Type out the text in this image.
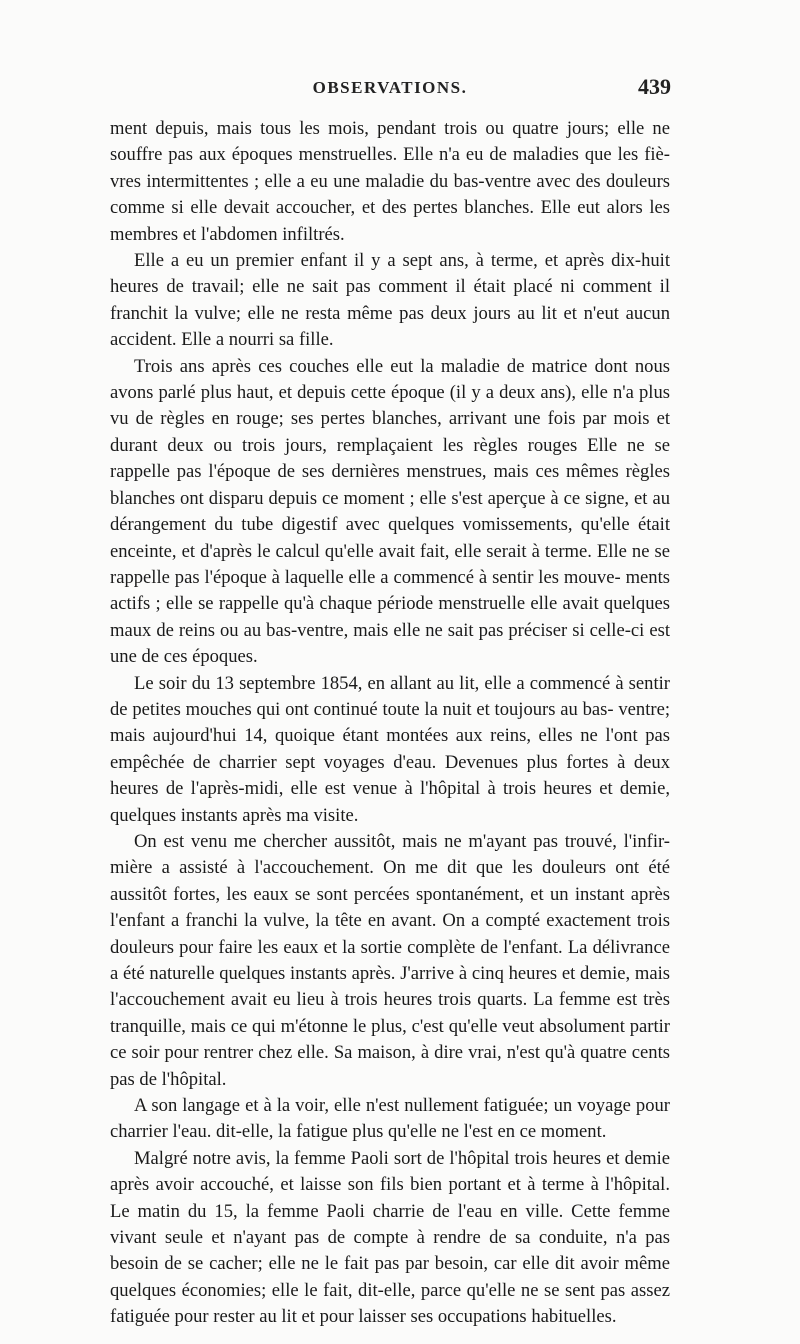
OBSERVATIONS.	439

ment depuis, mais tous les mois, pendant trois ou quatre jours; elle ne souffre pas aux époques menstruelles. Elle n'a eu de maladies que les fiè- vres intermittentes ; elle a eu une maladie du bas-ventre avec des douleurs comme si elle devait accoucher, et des pertes blanches. Elle eut alors les membres et l'abdomen infiltrés.

Elle a eu un premier enfant il y a sept ans, à terme, et après dix-huit heures de travail; elle ne sait pas comment il était placé ni comment il franchit la vulve; elle ne resta même pas deux jours au lit et n'eut aucun accident. Elle a nourri sa fille.

Trois ans après ces couches elle eut la maladie de matrice dont nous avons parlé plus haut, et depuis cette époque (il y a deux ans), elle n'a plus vu de règles en rouge; ses pertes blanches, arrivant une fois par mois et durant deux ou trois jours, remplaçaient les règles rouges Elle ne se rappelle pas l'époque de ses dernières menstrues, mais ces mêmes règles blanches ont disparu depuis ce moment ; elle s'est aperçue à ce signe, et au dérangement du tube digestif avec quelques vomissements, qu'elle était enceinte, et d'après le calcul qu'elle avait fait, elle serait à terme. Elle ne se rappelle pas l'époque à laquelle elle a commencé à sentir les mouve- ments actifs ; elle se rappelle qu'à chaque période menstruelle elle avait quelques maux de reins ou au bas-ventre, mais elle ne sait pas préciser si celle-ci est une de ces époques.

Le soir du 13 septembre 1854, en allant au lit, elle a commencé à sentir de petites mouches qui ont continué toute la nuit et toujours au bas- ventre; mais aujourd'hui 14, quoique étant montées aux reins, elles ne l'ont pas empêchée de charrier sept voyages d'eau. Devenues plus fortes à deux heures de l'après-midi, elle est venue à l'hôpital à trois heures et demie, quelques instants après ma visite.

On est venu me chercher aussitôt, mais ne m'ayant pas trouvé, l'infir- mière a assisté à l'accouchement. On me dit que les douleurs ont été aussitôt fortes, les eaux se sont percées spontanément, et un instant après l'enfant a franchi la vulve, la tête en avant. On a compté exactement trois douleurs pour faire les eaux et la sortie complète de l'enfant. La délivrance a été naturelle quelques instants après. J'arrive à cinq heures et demie, mais l'accouchement avait eu lieu à trois heures trois quarts. La femme est très tranquille, mais ce qui m'étonne le plus, c'est qu'elle veut absolument partir ce soir pour rentrer chez elle. Sa maison, à dire vrai, n'est qu'à quatre cents pas de l'hôpital.

A son langage et à la voir, elle n'est nullement fatiguée; un voyage pour charrier l'eau. dit-elle, la fatigue plus qu'elle ne l'est en ce moment.

Malgré notre avis, la femme Paoli sort de l'hôpital trois heures et demie après avoir accouché, et laisse son fils bien portant et à terme à l'hôpital. Le matin du 15, la femme Paoli charrie de l'eau en ville. Cette femme vivant seule et n'ayant pas de compte à rendre de sa conduite, n'a pas besoin de se cacher; elle ne le fait pas par besoin, car elle dit avoir même quelques économies; elle le fait, dit-elle, parce qu'elle ne se sent pas assez fatiguée pour rester au lit et pour laisser ses occupations habituelles.
